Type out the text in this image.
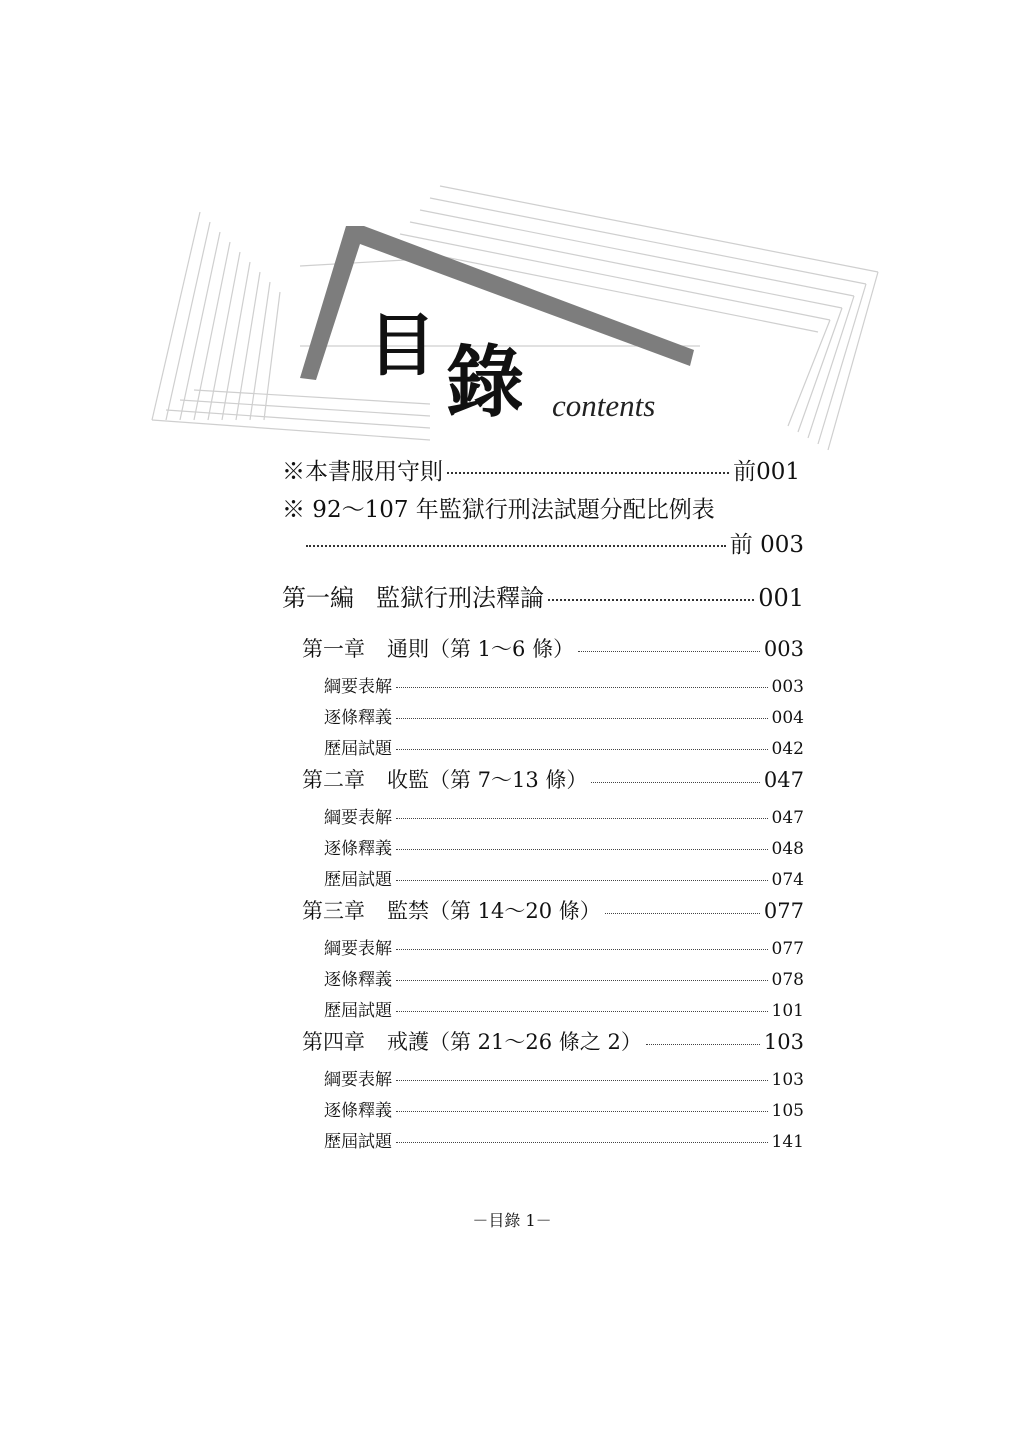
目 錄 contents
※本書服用守則	前001
※ 92～107 年監獄行刑法試題分配比例表
前 003
第一編 監獄行刑法釋論	001
第一章 通則（第 1～6 條）	003
綱要表解	003
逐條釋義	004
歷屆試題	042
第二章 收監（第 7～13 條）	047
綱要表解	047
逐條釋義	048
歷屆試題	074
第三章 監禁（第 14～20 條）	077
綱要表解	077
逐條釋義	078
歷屆試題	101
第四章 戒護（第 21～26 條之 2）	103
綱要表解	103
逐條釋義	105
歷屆試題	141
－目錄 1－
